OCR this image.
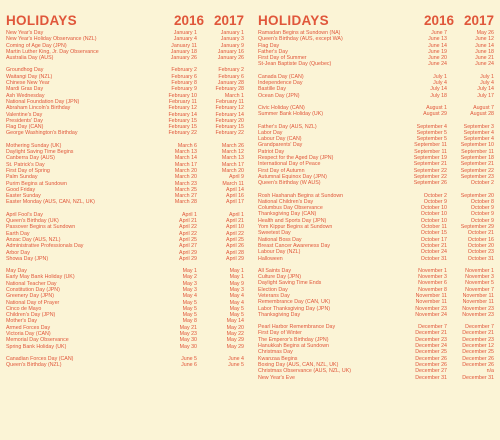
HOLIDAYS	2016 2017
New Year's Day	January 1	January 1
New Year's Holiday Observance (NZL)	January 4	January 3
Coming of Age Day (JPN)	January 11	January 9
Martin Luther King, Jr. Day Observance	January 18	January 16
Australia Day (AUS)	January 26	January 26
Groundhog Day	February 2	February 2
Waitangi Day (NZL)	February 6	February 6
Chinese New Year	February 8	January 28
Mardi Gras Day	February 9	February 28
Ash Wednesday	February 10	March 1
National Foundation Day (JPN)	February 11	February 11
Abraham Lincoln's Birthday	February 12	February 12
Valentine's Day	February 14	February 14
Presidents' Day	February 15	February 20
Flag Day (CAN)	February 15	February 15
George Washington's Birthday	February 22	February 22
Mothering Sunday (UK)	March 6	March 26
Daylight Saving Time Begins	March 13	March 12
Canberra Day (AUS)	March 14	March 13
St. Patrick's Day	March 17	March 17
First Day of Spring	March 20	March 20
Palm Sunday	March 20	April 9
Purim Begins at Sundown	March 23	March 11
Good Friday	March 25	April 14
Easter Sunday	March 27	April 16
Easter Monday (AUS, CAN, NZL, UK)	March 28	April 17
April Fool's Day	April 1	April 1
Queen's Birthday (UK)	April 21	April 21
Passover Begins at Sundown	April 22	April 10
Earth Day	April 22	April 22
Anzac Day (AUS, NZL)	April 25	April 25
Administrative Professionals Day	April 27	April 26
Arbor Day	April 29	April 28
Showa Day (JPN)	April 29	April 29
May Day	May 1	May 1
Early May Bank Holiday (UK)	May 2	May 1
National Teacher Day	May 3	May 9
Constitution Day (JPN)	May 3	May 3
Greenery Day (JPN)	May 4	May 4
National Day of Prayer	May 5	May 4
Cinco de Mayo	May 5	May 5
Children's Day (JPN)	May 5	May 5
Mother's Day	May 8	May 14
Armed Forces Day	May 21	May 20
Victoria Day (CAN)	May 23	May 22
Memorial Day Observance	May 30	May 29
Spring Bank Holiday (UK)	May 30	May 29
Canadian Forces Day (CAN)	June 5	June 4
Queen's Birthday (NZL)	June 6	June 5
HOLIDAYS	2016 2017
Ramadan Begins at Sundown (NA)	June 7	May 26
Queen's Birthday (AUS, except WA)	June 13	June 12
Flag Day	June 14	June 14
Father's Day	June 19	June 18
First Day of Summer	June 20	June 21
St-Jean Baptiste Day (Quebec)	June 24	June 24
Canada Day (CAN)	July 1	July 1
Independence Day	July 4	July 4
Bastille Day	July 14	July 14
Ocean Day (JPN)	July 18	July 17
Civic Holiday (CAN)	August 1	August 7
Summer Bank Holiday (UK)	August 29	August 28
Father's Day (AUS, NZL)	September 4	September 3
Labor Day	September 5	September 4
Labour Day (CAN)	September 5	September 4
Grandparents' Day	September 11	September 10
Patriot Day	September 11	September 11
Respect for the Aged Day (JPN)	September 19	September 18
International Day of Peace	September 21	September 21
First Day of Autumn	September 22	September 22
Autumnal Equinox Day (JPN)	September 22	September 23
Queen's Birthday (W AUS)	September 26	October 2
Rosh Hashanah Begins at Sundown	October 2	September 20
National Children's Day	October 9	October 8
Columbus Day Observance	October 10	October 9
Thanksgiving Day (CAN)	October 10	October 9
Health and Sports Day (JPN)	October 10	October 9
Yom Kippur Begins at Sundown	October 11	September 29
Sweetest Day	October 15	October 21
National Boss Day	October 17	October 16
Breast Cancer Awareness Day	October 21	October 20
Labour Day (NZL)	October 24	October 23
Halloween	October 31	October 31
All Saints Day	November 1	November 1
Culture Day (JPN)	November 3	November 3
Daylight Saving Time Ends	November 6	November 5
Election Day	November 8	November 7
Veterans Day	November 11	November 11
Remembrance Day (CAN, UK)	November 11	November 11
Labor Thanksgiving Day (JPN)	November 23	November 23
Thanksgiving Day	November 24	November 23
Pearl Harbor Remembrance Day	December 7	December 7
First Day of Winter	December 21	December 21
The Emperor's Birthday (JPN)	December 23	December 23
Hanukkah Begins at Sundown	December 24	December 12
Christmas Day	December 25	December 25
Kwanzaa Begins	December 26	December 26
Boxing Day (AUS, CAN, NZL, UK)	December 26	December 26
Christmas Observance (AUS, NZL, UK)	December 27	n/a
New Year's Eve	December 31	December 31
